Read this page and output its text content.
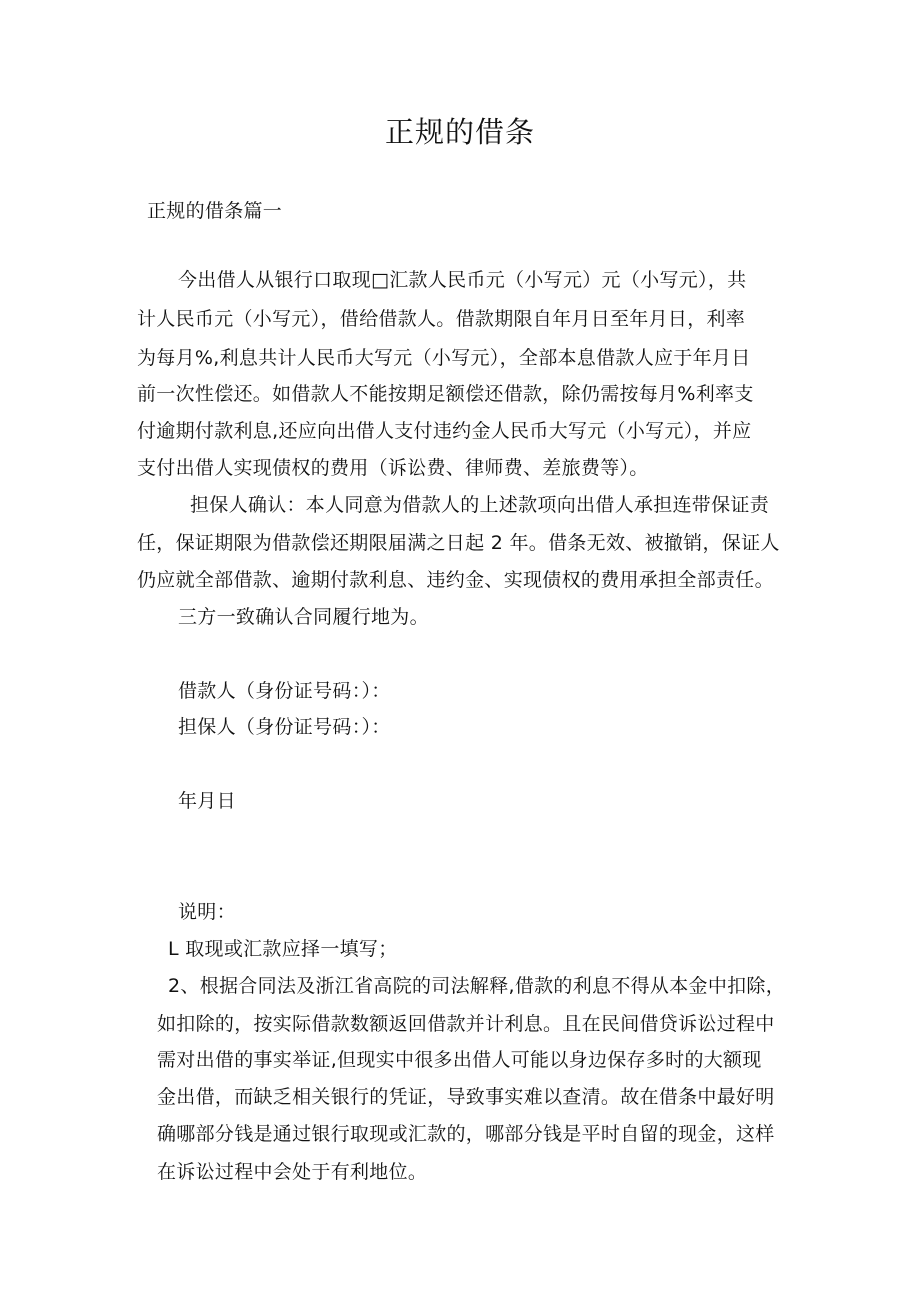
正规的借条

正规的借条篇一

今出借人从银行口取现□汇款人民币元（小写元）元（小写元），共

计人民币元（小写元），借给借款人。借款期限自年月日至年月日，利率

为每月%,利息共计人民币大写元（小写元），全部本息借款人应于年月日

前一次性偿还。如借款人不能按期足额偿还借款，除仍需按每月%利率支

付逾期付款利息,还应向出借人支付违约金人民币大写元（小写元），并应

支付出借人实现债权的费用（诉讼费、律师费、差旅费等）。

担保人确认：本人同意为借款人的上述款项向出借人承担连带保证责

任，保证期限为借款偿还期限届满之日起 2 年。借条无效、被撤销，保证人

仍应就全部借款、逾期付款利息、违约金、实现债权的费用承担全部责任。

三方一致确认合同履行地为。

借款人（身份证号码：）：

担保人（身份证号码：）：

年月日

说明：

L 取现或汇款应择一填写；

2、根据合同法及浙江省高院的司法解释,借款的利息不得从本金中扣除，

如扣除的，按实际借款数额返回借款并计利息。且在民间借贷诉讼过程中

需对出借的事实举证,但现实中很多出借人可能以身边保存多时的大额现

金出借，而缺乏相关银行的凭证，导致事实难以查清。故在借条中最好明

确哪部分钱是通过银行取现或汇款的，哪部分钱是平时自留的现金，这样

在诉讼过程中会处于有利地位。
